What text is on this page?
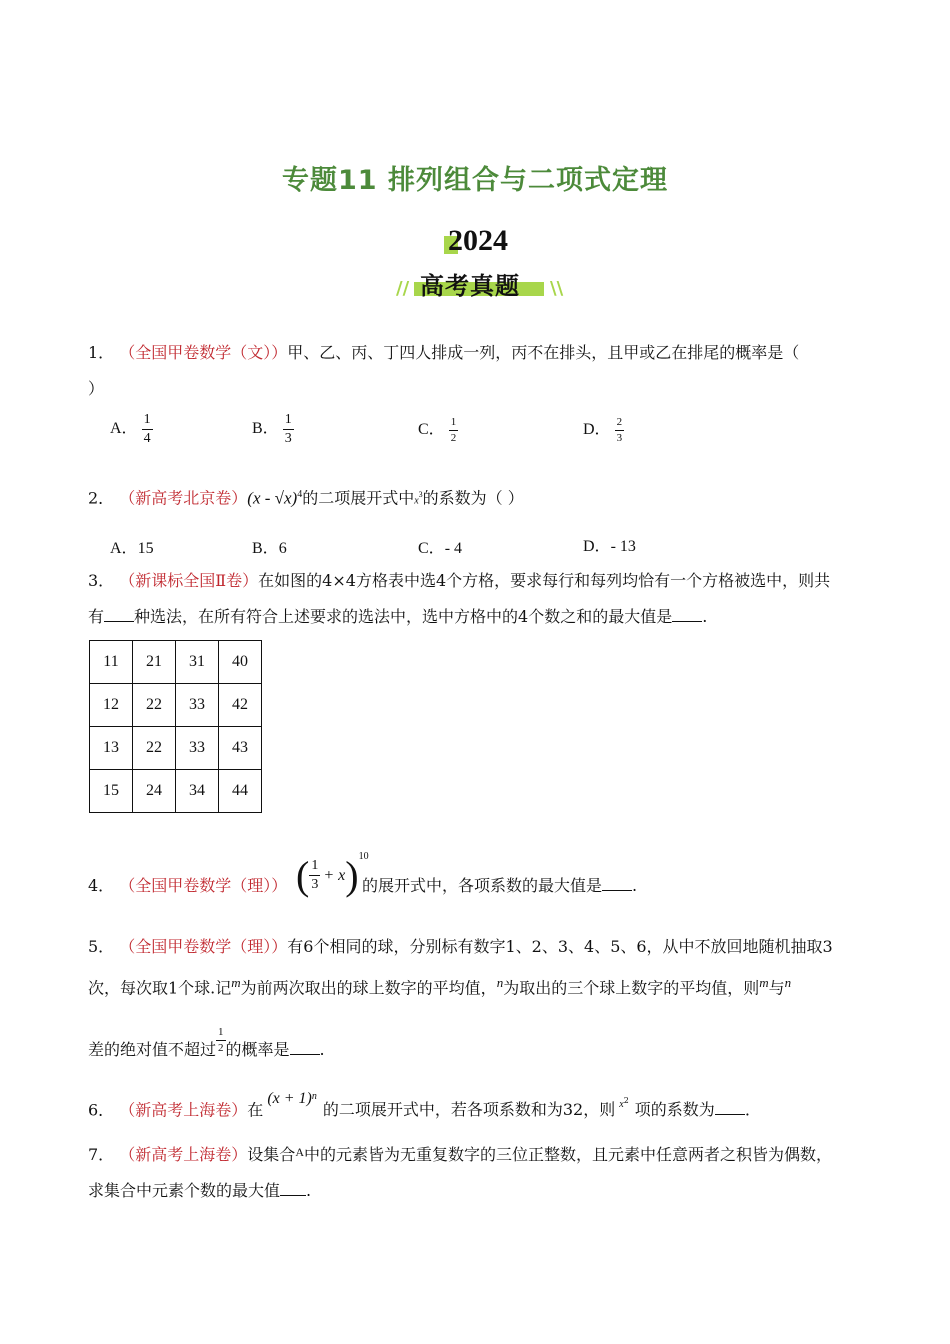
专题11 排列组合与二项式定理
2024
// 高考真题 \\
1． （全国甲卷数学（文））甲、乙、丙、丁四人排成一列，丙不在排头，且甲或乙在排尾的概率是（
）
A． $\frac{1}{4}$	B． $\frac{1}{3}$	C． $\frac{1}{2}$	D． $\frac{2}{3}$
2． （新高考北京卷）(x - √x)$^4$的二项展开式中$x^3$的系数为（ ）
A．15	B．6	C．- 4	D．- 13
3． （新课标全国Ⅱ卷）在如图的4×4方格表中选4个方格，要求每行和每列均恰有一个方格被选中，则共
有 种选法，在所有符合上述要求的选法中，选中方格中的4个数之和的最大值是 .
11	21	31	40
12	22	33	42
13	22	33	43
15	24	34	44
4． （全国甲卷数学（理）） ( $\frac{1}{3} + x)^{10}$
的展开式中，各项系数的最大值是 .
5． （全国甲卷数学（理））有6个相同的球，分别标有数字1、2、3、4、5、6，从中不放回地随机抽取3
次，每次取1个球.记$^m$为前两次取出的球上数字的平均值，$^n$为取出的三个球上数字的平均值，则$^m$与$^n$
差的绝对值不超过 $\frac{1}{2}$ 的概率是 .
6． （新高考上海卷）在$(x + 1)^n$的二项展开式中，若各项系数和为32，则 $^{x2}$ 项的系数为 .
7． （新高考上海卷）设集合$^A$中的元素皆为无重复数字的三位正整数，且元素中任意两者之积皆为偶数，
求集合中元素个数的最大值 .
